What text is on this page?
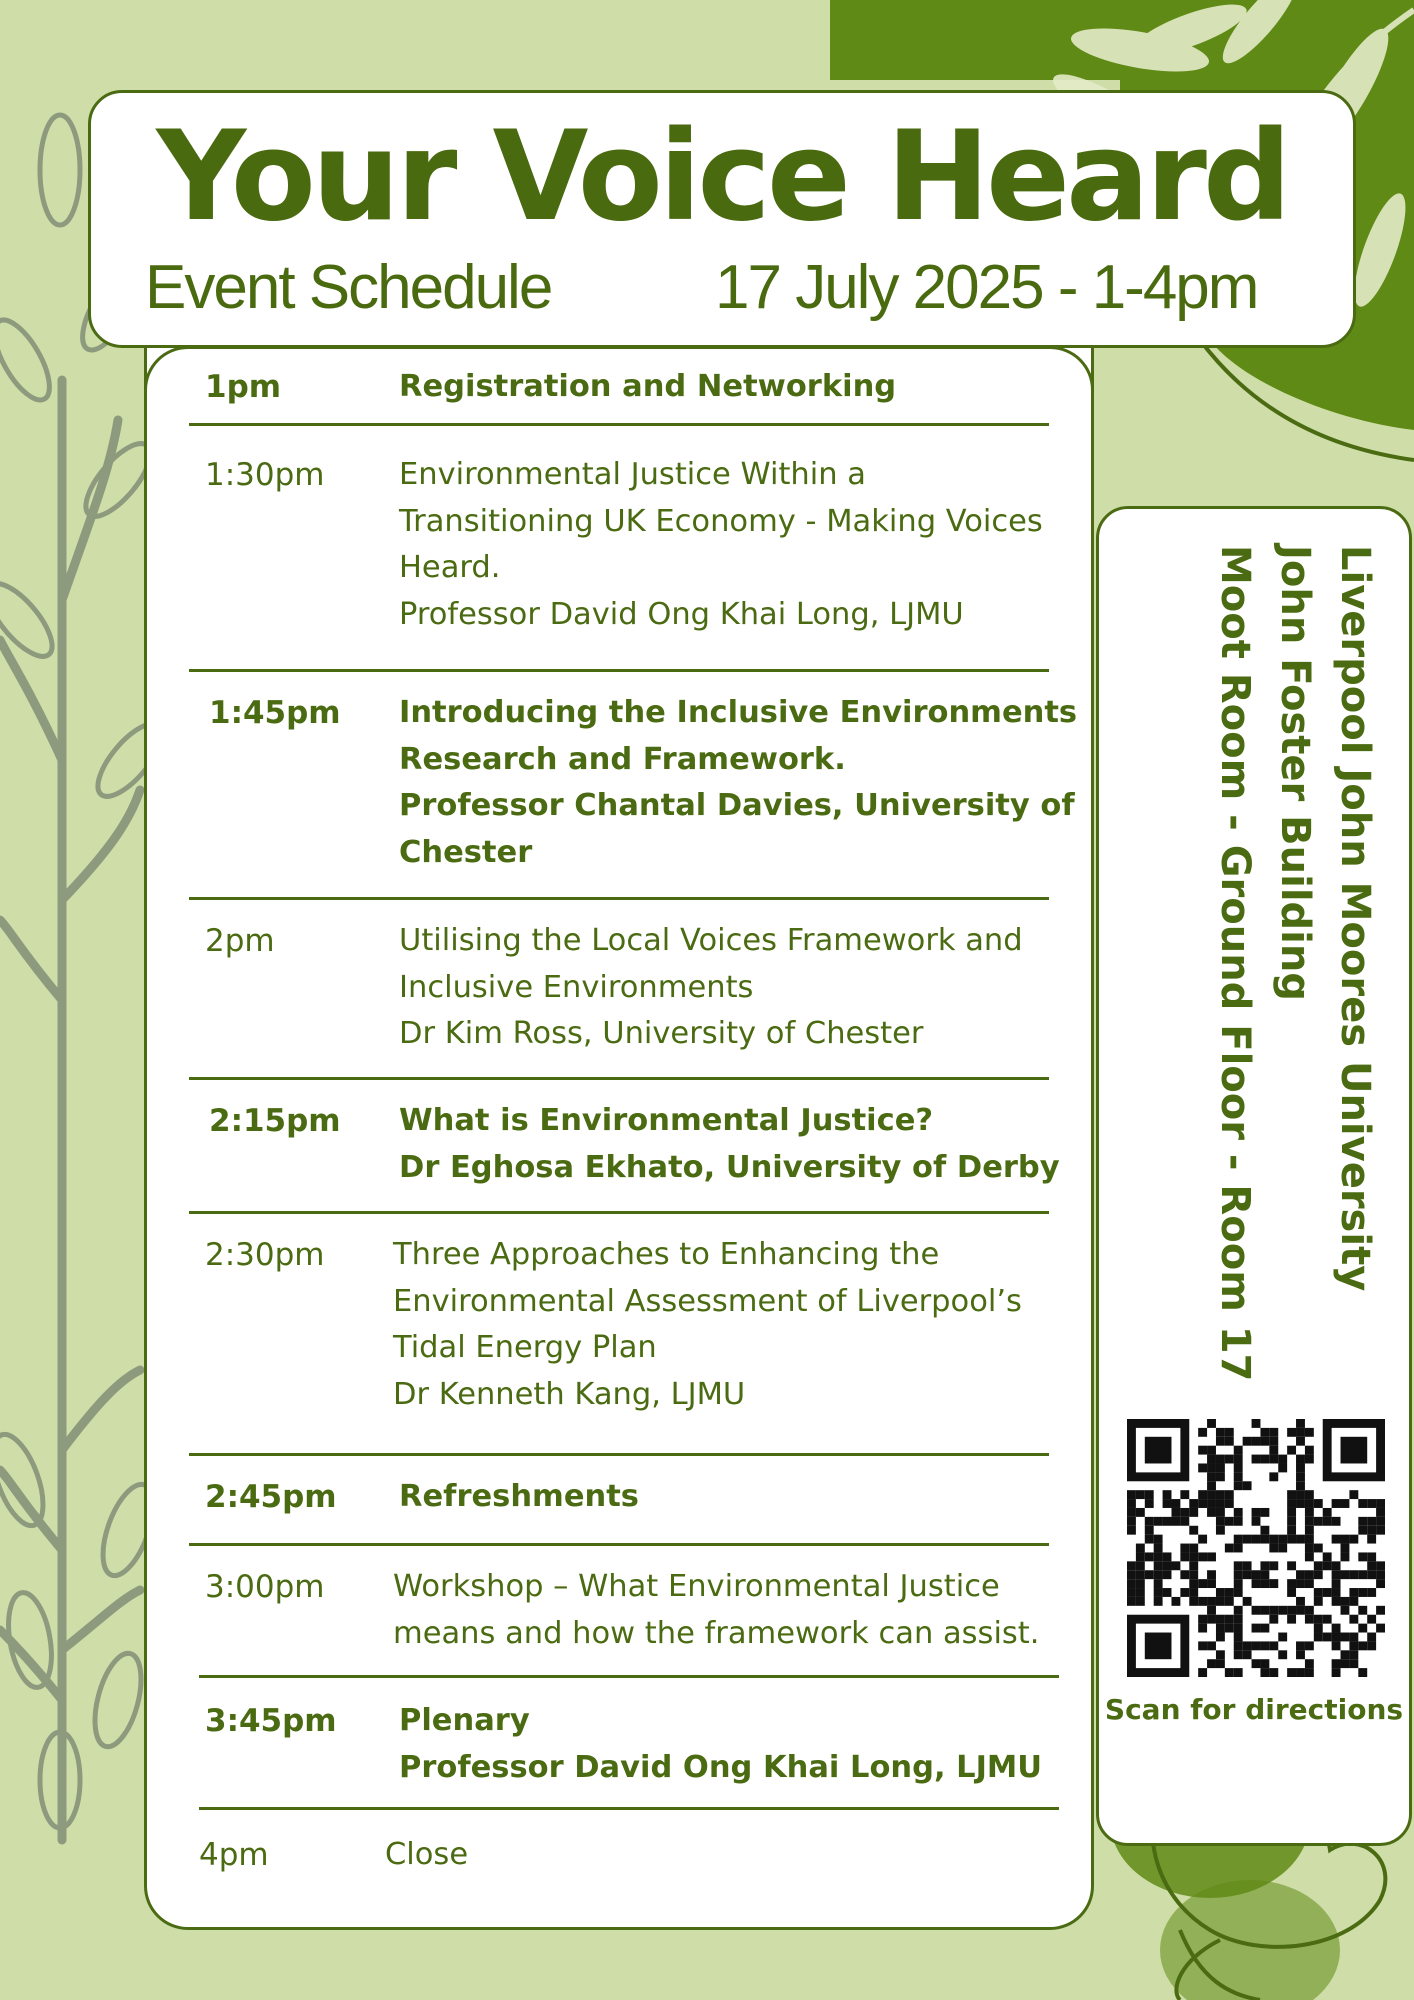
Your Voice Heard
Event Schedule	17 July 2025 - 1-4pm
1pm	Registration and Networking
1:30pm Environmental Justice Within a
Transitioning UK Economy - Making Voices
Heard.
Professor David Ong Khai Long, LJMU
1:45pm Introducing the Inclusive Environments
Research and Framework.
Professor Chantal Davies, University of
Chester
2pm	Utilising the Local Voices Framework and
Inclusive Environments
Dr Kim Ross, University of Chester
2:15pm What is Environmental Justice?
Dr Eghosa Ekhato, University of Derby
2:30pm Three Approaches to Enhancing the
Environmental Assessment of Liverpool’s
Tidal Energy Plan
Dr Kenneth Kang, LJMU
2:45pm Refreshments
3:00pm Workshop – What Environmental Justice
means and how the framework can assist.
3:45pm Plenary
Professor David Ong Khai Long, LJMU
4pm	Close
Liverpool John Moores University
John Foster Building
Moot Room - Ground Floor - Room 17
Scan for directions
